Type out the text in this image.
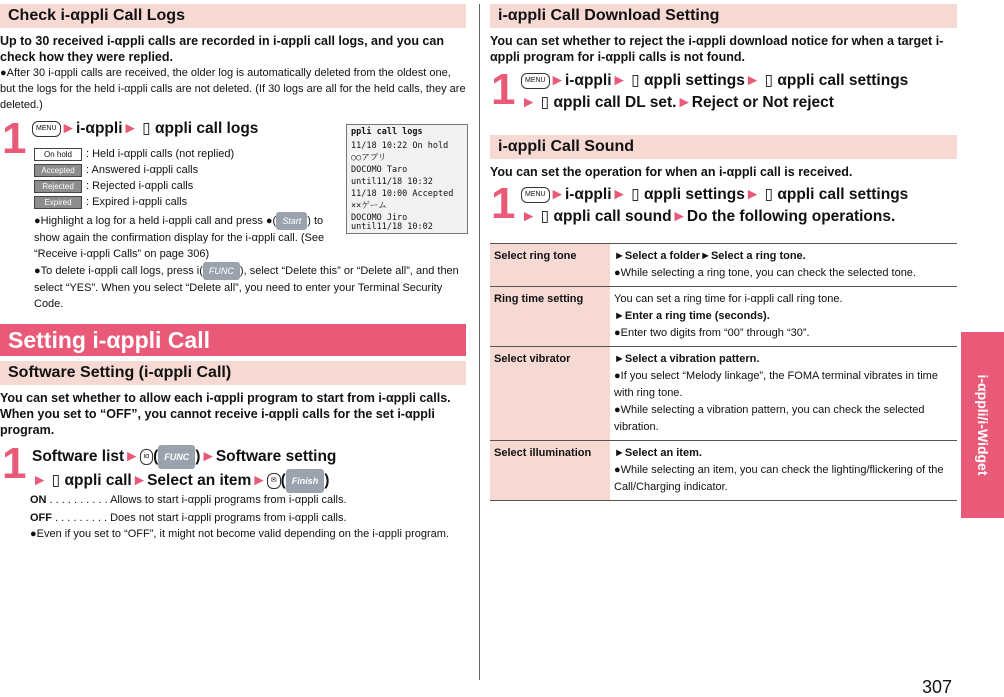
Check i-αppli Call Logs
Up to 30 received i-αppli calls are recorded in i-αppli call logs, and you can check how they were replied.
●After 30 i-αppli calls are received, the older log is automatically deleted from the oldest one, but the logs for the held i-αppli calls are not deleted. (If 30 logs are all for the held calls, they are deleted.)
1	MENU ►i-αppli► ▯ αppli call logs
On hold	: Held i-αppli calls (not replied)
Accepted	: Answered i-αppli calls
Rejected	: Rejected i-αppli calls
Expired	: Expired i-αppli calls
ppli call logs
11/18 10:22 On hold
○○アプリ
DOCOMO Taro
until11/18 10:32
11/18 10:00 Accepted
××ゲーム
DOCOMO Jiro
until11/18 10:02
●Highlight a log for a held i-αppli call and press ●( Start ) to show again the confirmation display for the i-αppli call. (See “Receive i-αppli Calls” on page 306)
●To delete i-αppli call logs, press i( FUNC ), select “Delete this” or “Delete all”, and then select “YES”. When you select “Delete all”, you need to enter your Terminal Security Code.
Setting i-αppli Call
Software Setting (i-αppli Call)
You can set whether to allow each i-αppli program to start from i-αppli calls. When you set to “OFF”, you cannot receive i-αppli calls for the set i-αppli program.
1 Software list► iα ( FUNC )►Software setting
► ▯ αppli call►Select an item► ✉ ( Finish )
ON . . . . . . . . . . Allows to start i-αppli programs from i-αppli calls.
OFF . . . . . . . . . Does not start i-αppli programs from i-αppli calls.
●Even if you set to “OFF”, it might not become valid depending on the i-αppli program.
i-αppli Call Download Setting
You can set whether to reject the i-αppli download notice for when a target i-αppli program for i-αppli calls is not found.
1	MENU ►i-αppli► ▯ αppli settings► ▯ αppli call settings
► ▯ αppli call DL set.►Reject or Not reject
i-αppli Call Sound
You can set the operation for when an i-αppli call is received.
1	MENU ►i-αppli► ▯ αppli settings► ▯ αppli call settings
► ▯ αppli call sound►Do the following operations.
Select ring tone	►Select a folder►Select a ring tone.
●While selecting a ring tone, you can check the selected tone.

Ring time setting	You can set a ring time for i-αppli call ring tone.
►Enter a ring time (seconds).
●Enter two digits from “00” through “30”.

Select vibrator	►Select a vibration pattern.
●If you select “Melody linkage”, the FOMA terminal vibrates in time with ring tone.
●While selecting a vibration pattern, you can check the selected vibration.

Select illumination	►Select an item.
●While selecting an item, you can check the lighting/flickering of the Call/Charging indicator.
i-αppli/i-Widget
307
